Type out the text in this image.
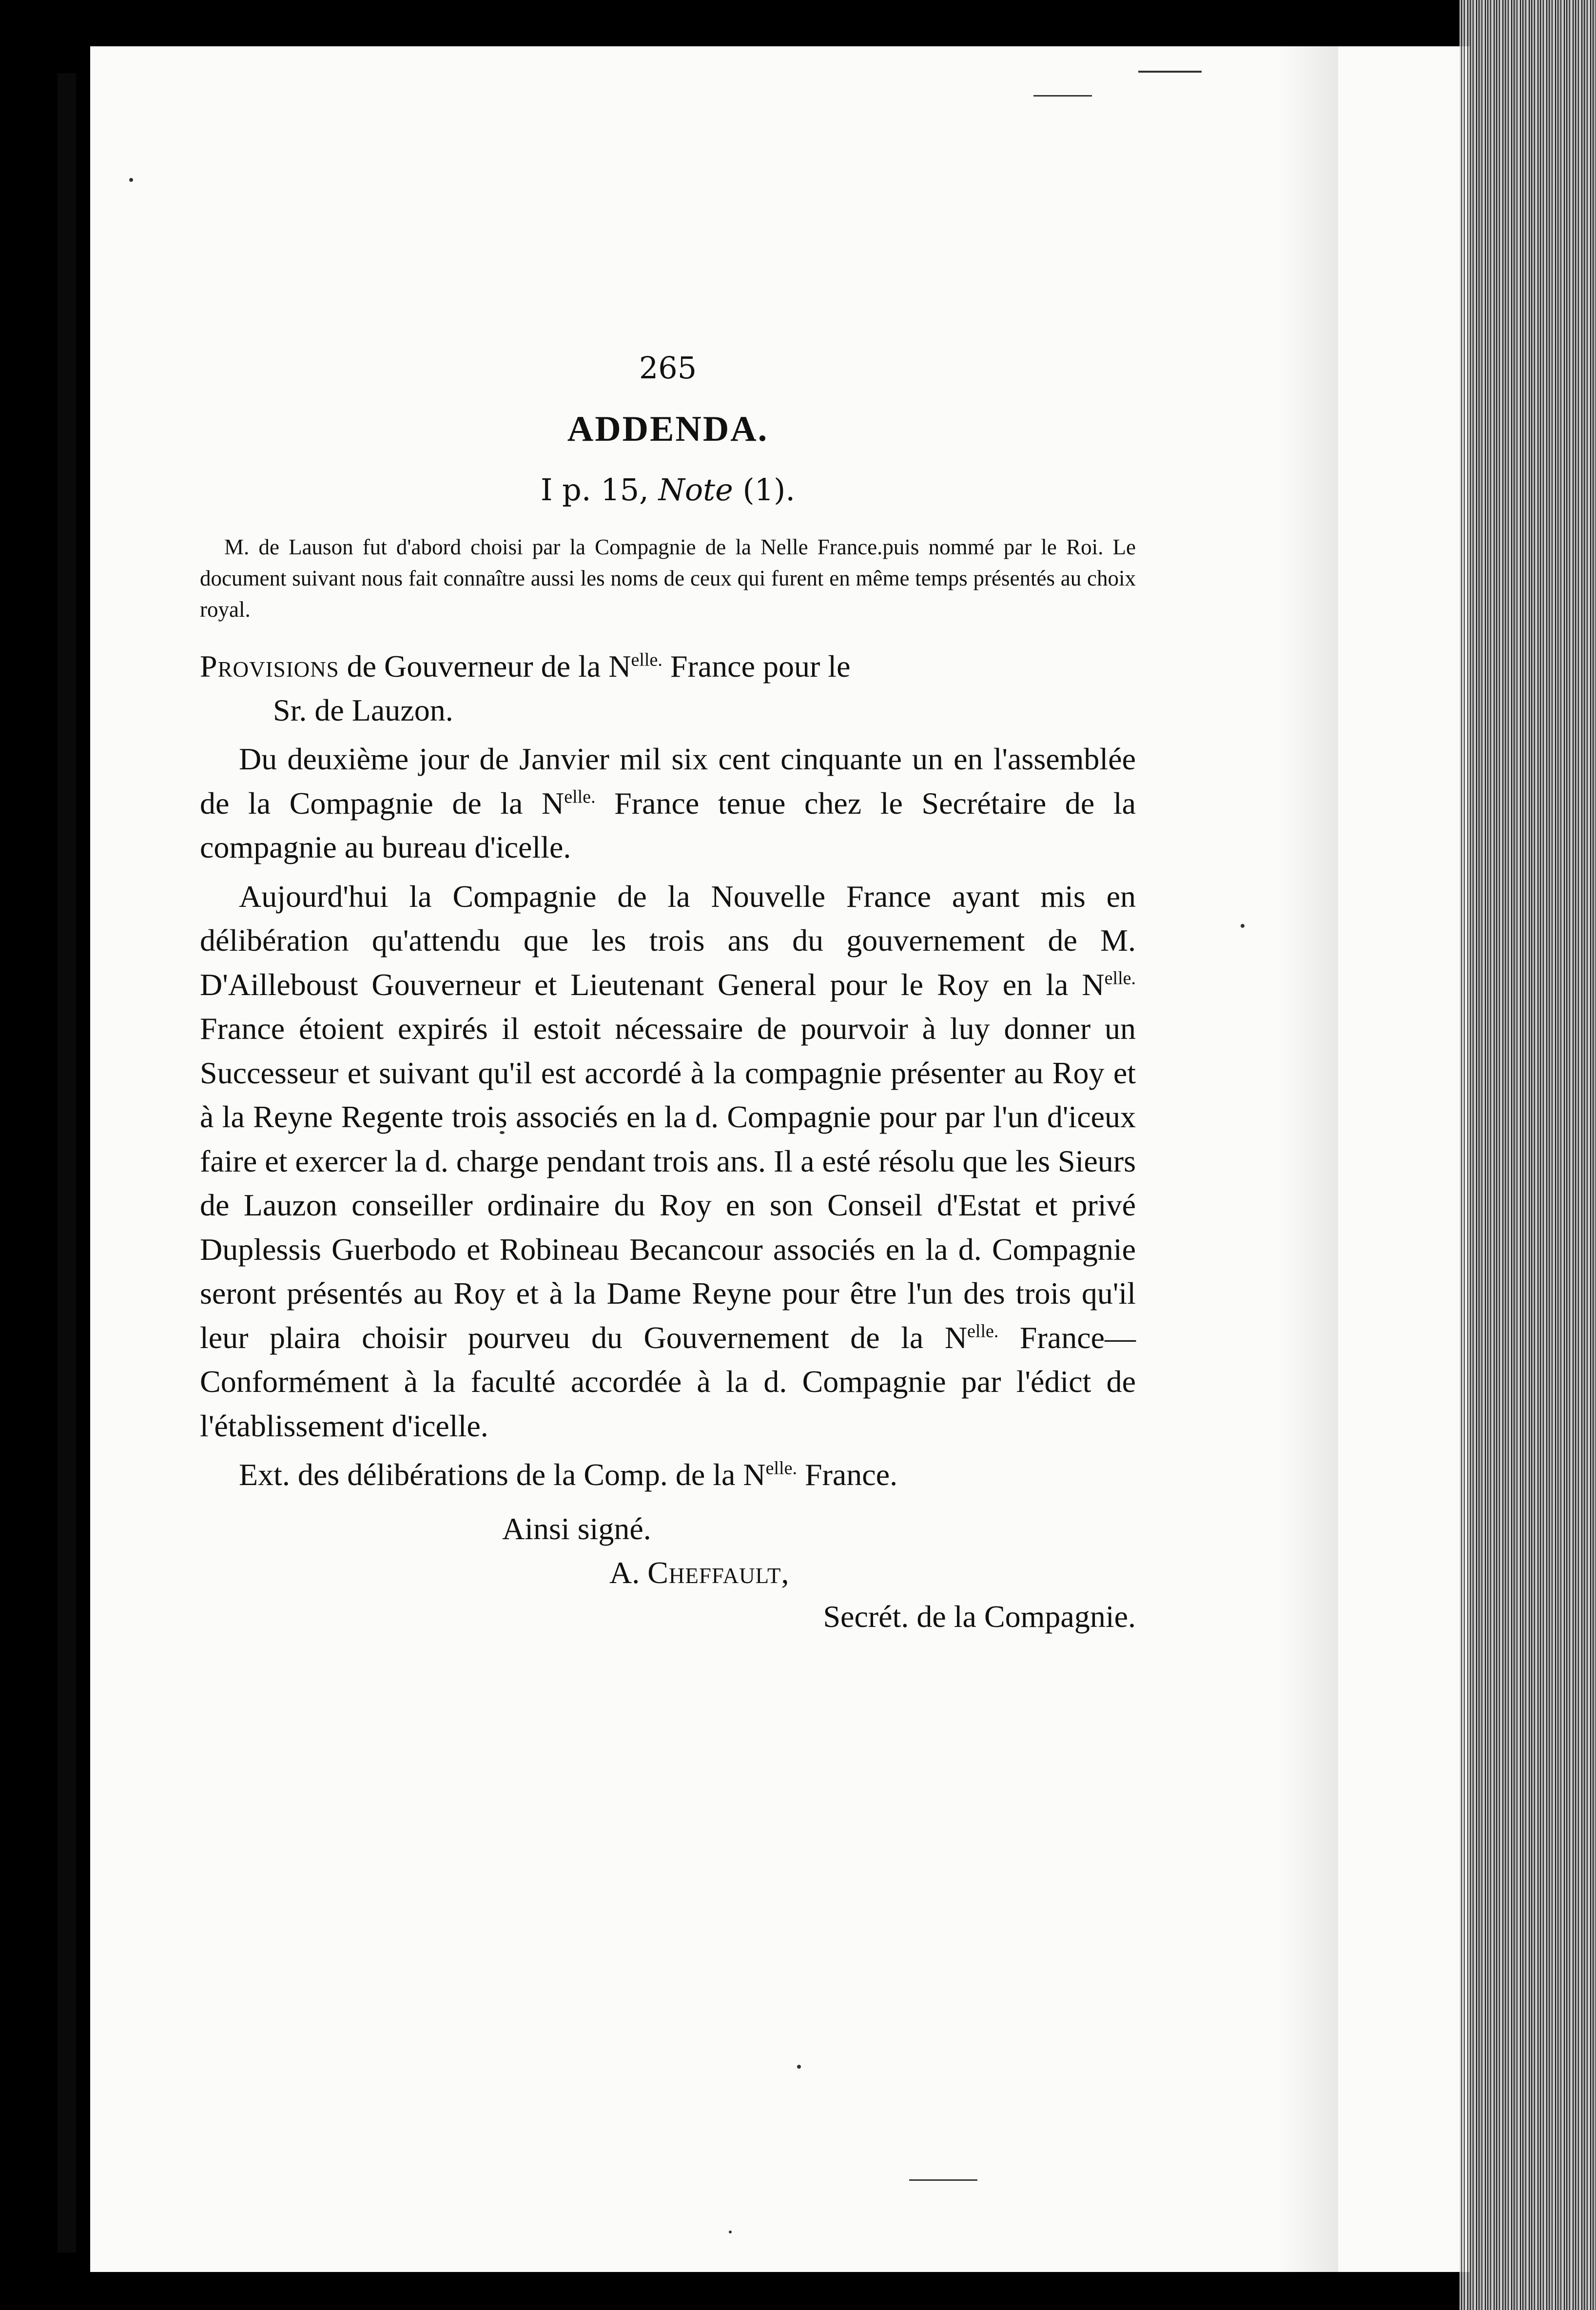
265

ADDENDA.

I p. 15, Note (1).

M. de Lauson fut d'abord choisi par la Compagnie de la Nelle France.puis nommé par le Roi. Le document suivant nous fait connaître aussi les noms de ceux qui furent en même temps présentés au choix royal.

Provisions de Gouverneur de la $N^{elle.}$ France pour le
Sr. de Lauzon.

Du deuxième jour de Janvier mil six cent cinquante un en l'assemblée de la Compagnie de la $N^{elle.}$ France tenue chez le Secrétaire de la compagnie au bureau d'icelle.

Aujourd'hui la Compagnie de la Nouvelle France ayant mis en délibération qu'attendu que les trois ans du gouvernement de M. D'Ailleboust Gouverneur et Lieutenant General pour le Roy en la $N^{elle.}$ France étoient expirés il estoit nécessaire de pourvoir à luy donner un Successeur et suivant qu'il est accordé à la compagnie présenter au Roy et à la Reyne Regente trois associés en la d. Compagnie pour par l'un d'iceux faire et exercer la d. charge pendant trois ans. Il a esté résolu que les Sieurs de Lauzon conseiller ordinaire du Roy en son Conseil d'Estat et privé Duplessis Guerbodo et Robineau Becancour associés en la d. Compagnie seront présentés au Roy et à la Dame Reyne pour être l'un des trois qu'il leur plaira choisir pourveu du Gouvernement de la $N^{elle.}$ France—Conformément à la faculté accordée à la d. Compagnie par l'édict de l'établissement d'icelle.

Ext. des délibérations de la Comp. de la $N^{elle.}$ France.

Ainsi signé.

A. Cheffault,

Secrét. de la Compagnie.
